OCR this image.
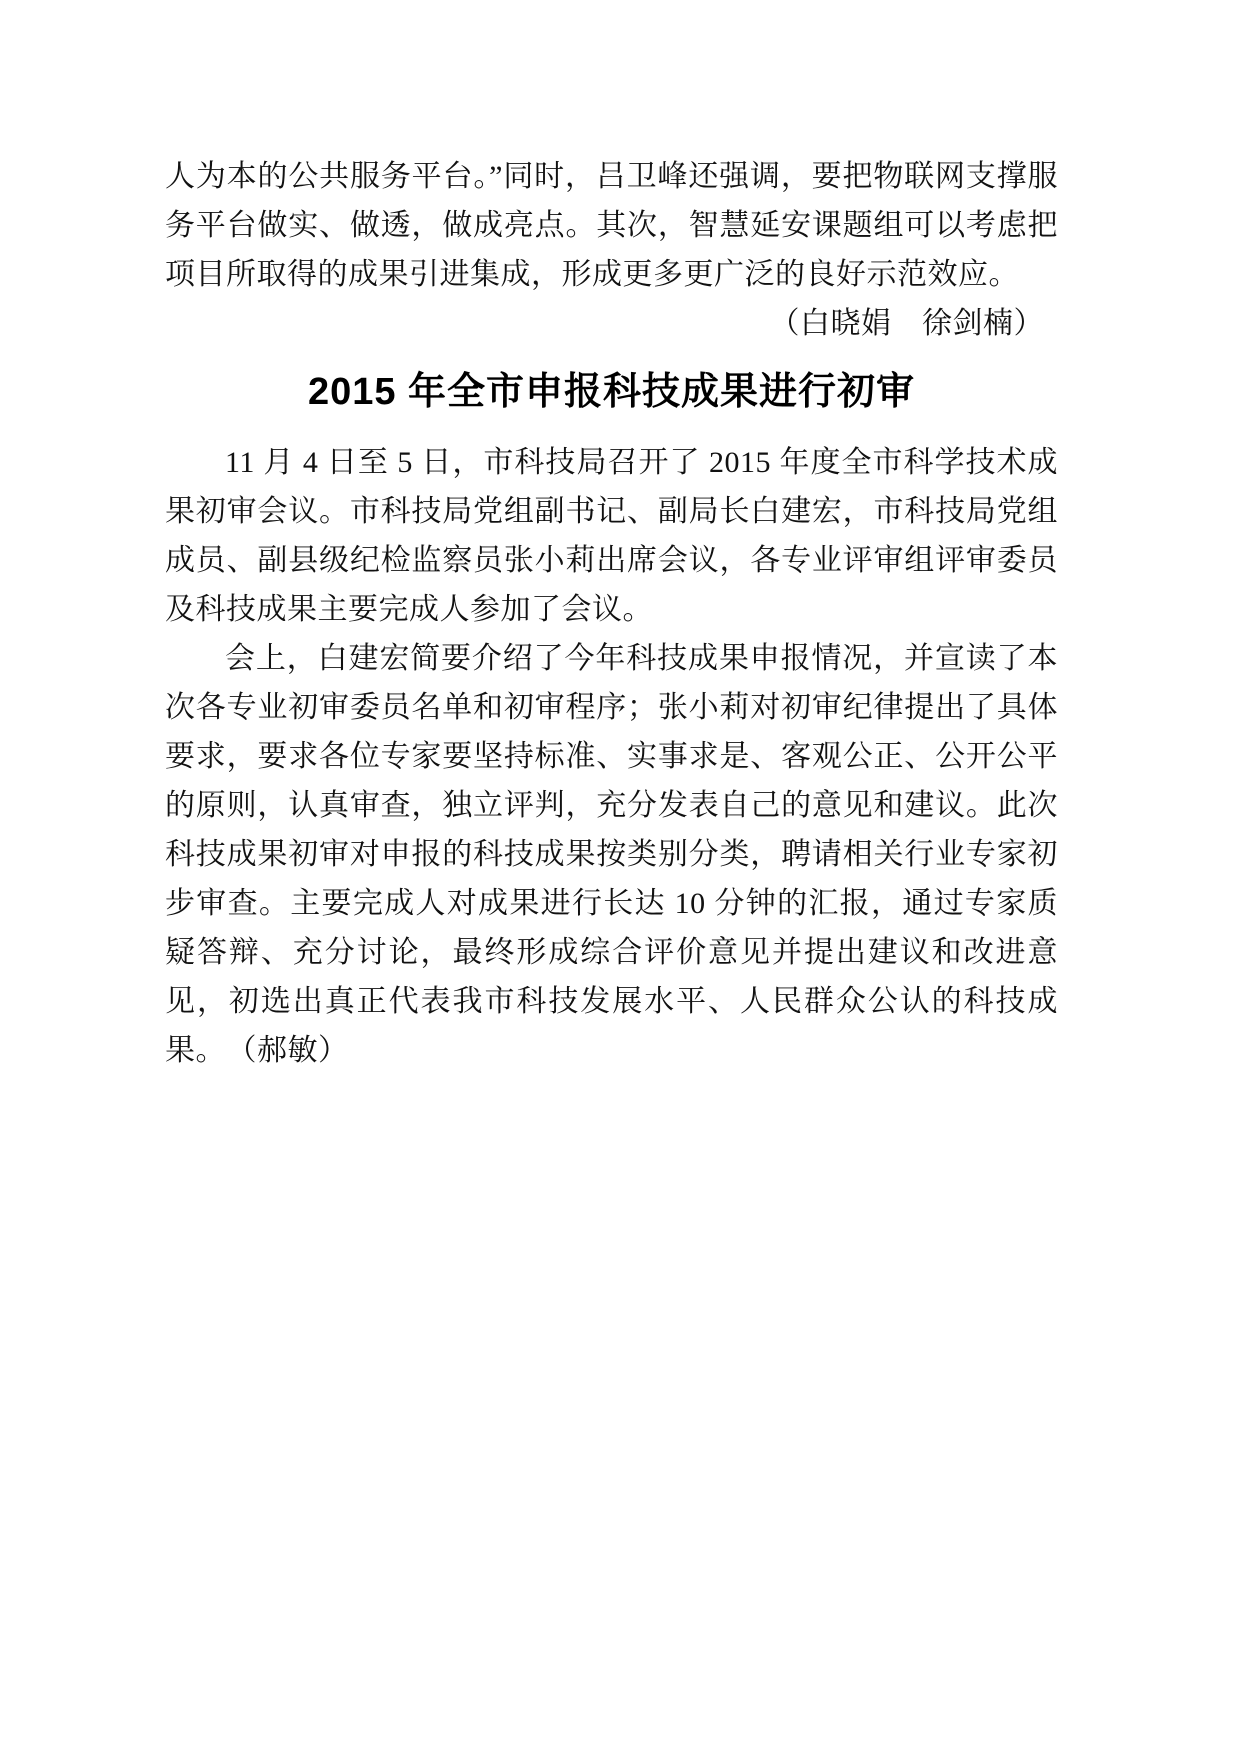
人为本的公共服务平台。”同时，吕卫峰还强调，要把物联网支撑服务平台做实、做透，做成亮点。其次，智慧延安课题组可以考虑把项目所取得的成果引进集成，形成更多更广泛的良好示范效应。

（白晓娟　徐剑楠）

2015 年全市申报科技成果进行初审

11 月 4 日至 5 日，市科技局召开了 2015 年度全市科学技术成果初审会议。市科技局党组副书记、副局长白建宏，市科技局党组成员、副县级纪检监察员张小莉出席会议，各专业评审组评审委员及科技成果主要完成人参加了会议。

会上，白建宏简要介绍了今年科技成果申报情况，并宣读了本次各专业初审委员名单和初审程序；张小莉对初审纪律提出了具体要求，要求各位专家要坚持标准、实事求是、客观公正、公开公平的原则，认真审查，独立评判，充分发表自己的意见和建议。此次科技成果初审对申报的科技成果按类别分类，聘请相关行业专家初步审查。主要完成人对成果进行长达 10 分钟的汇报，通过专家质疑答辩、充分讨论，最终形成综合评价意见并提出建议和改进意见，初选出真正代表我市科技发展水平、人民群众公认的科技成果。　（郝敏）
